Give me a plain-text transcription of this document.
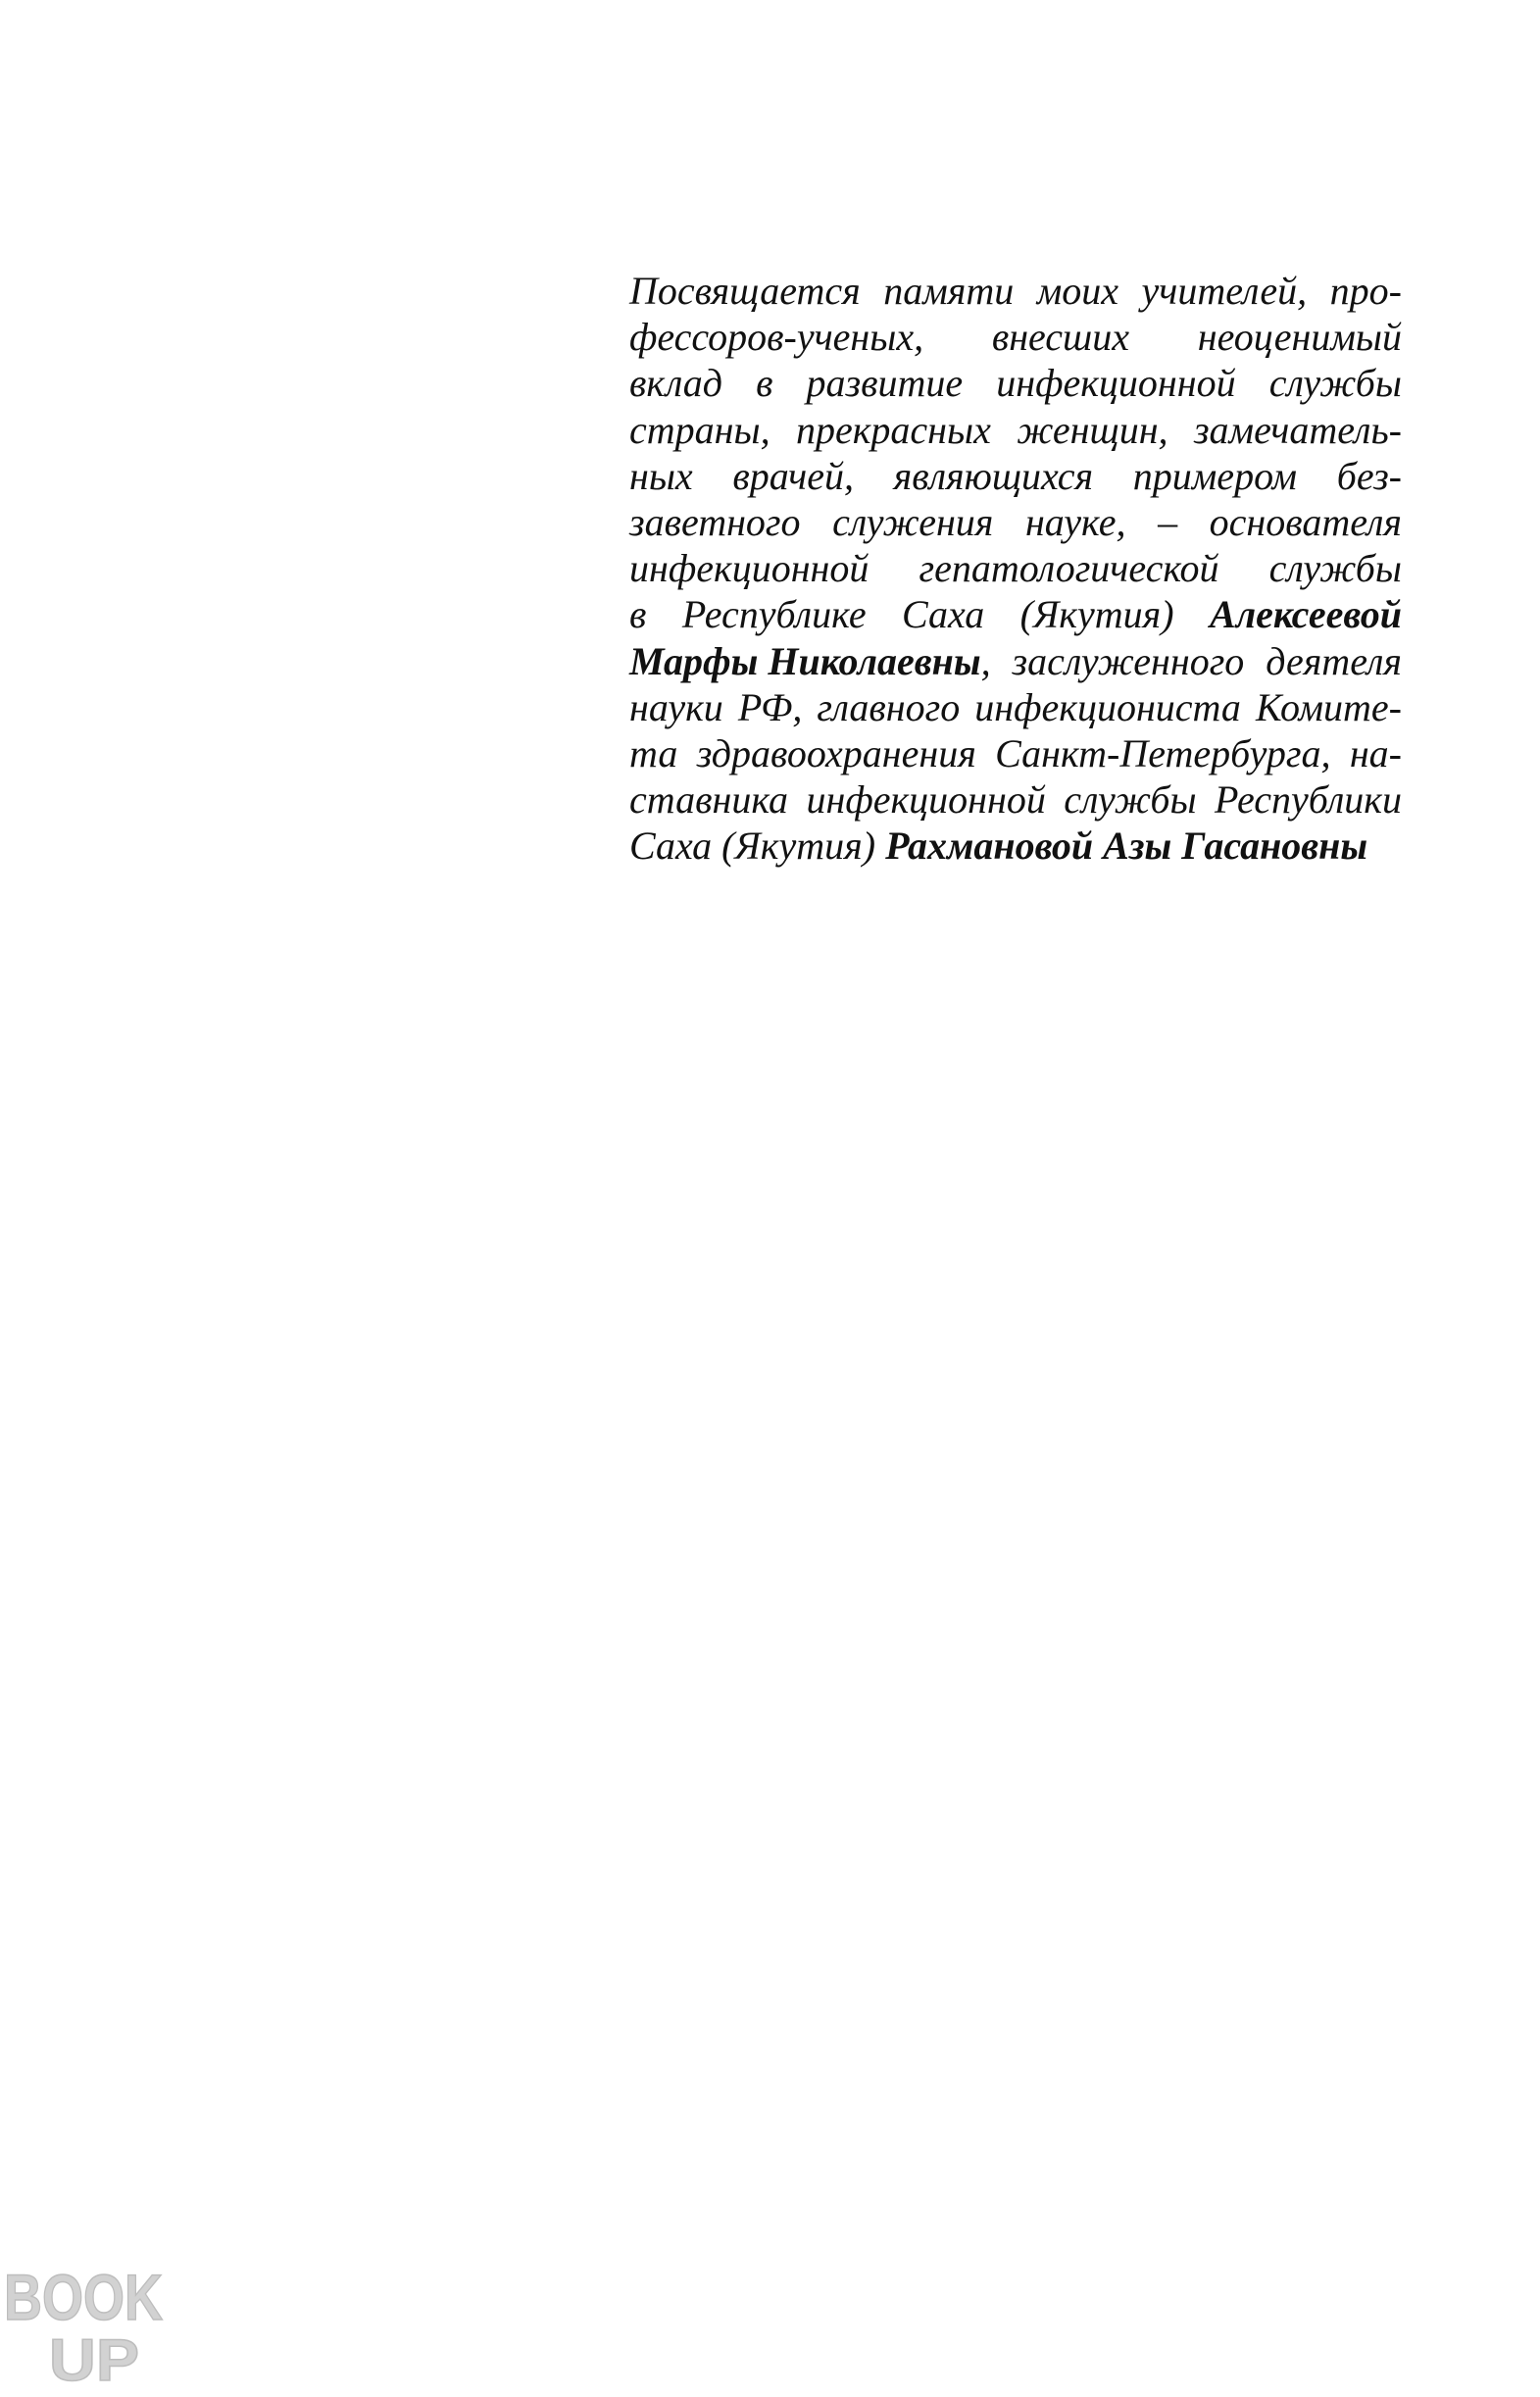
Посвящается памяти моих учителей, про-
фессоров-ученых, внесших неоценимый
вклад в развитие инфекционной службы
страны, прекрасных женщин, замечатель-
ных врачей, являющихся примером без-
заветного служения науке, – основателя
инфекционной гепатологической службы
в Республике Саха (Якутия) Алексеевой
Марфы Николаевны, заслуженного деятеля
науки РФ, главного инфекциониста Комите-
та здравоохранения Санкт-Петербурга, на-
ставника инфекционной службы Республики
Саха (Якутия)
Рахмановой Азы Гасановны
BOOK
UP
